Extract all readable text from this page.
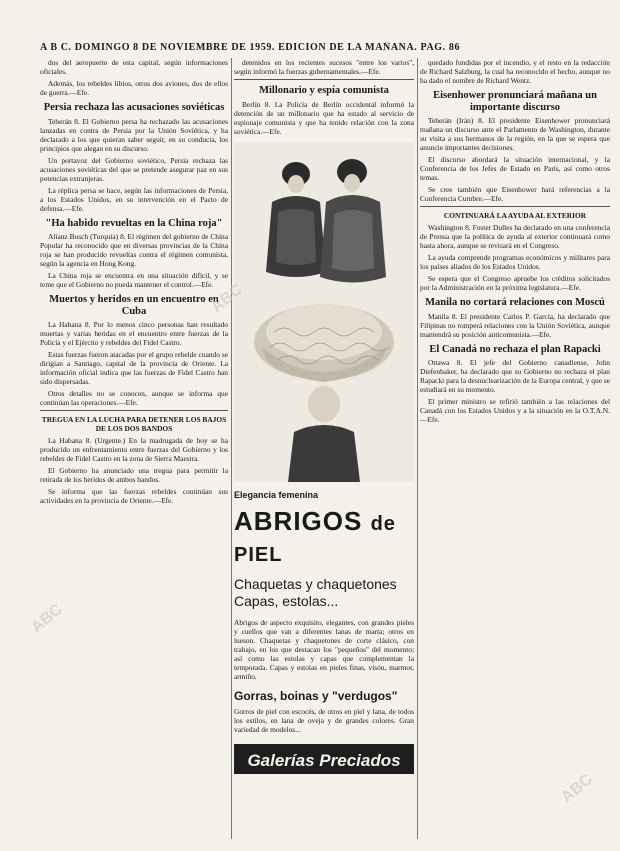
A B C. DOMINGO 8 DE NOVIEMBRE DE 1959. EDICION DE LA MAÑANA. PAG. 86

dos del aeropuerto de esta capital, según informaciones oficiales.

Además, los rebeldes libios, otros dos aviones, dos de ellos de guerra.—Efe.

Persia rechaza las acusaciones soviéticas

Teherán 8. El Gobierno persa ha rechazado las acusaciones lanzadas en contra de Persia por la Unión Soviética, y ha declarado a los que quieran saber seguir, en su conducta, los principios que alegan en su discurso.

Un portavoz del Gobierno soviético, Persia rechaza las acusaciones soviéticas del que se pretende asegurar paz en sus potencias extranjeras.

La réplica persa se hace, según las informaciones de Persia, a los Estados Unidos, en su intervención en el Pacto de defensa.—Efe.

"Ha habido revueltas en la China roja"

Alianz Bosch (Turquía) 8. El régimen del gobierno de China Popular ha reconocido que en diversas provincias de la China roja se han producido revueltas contra el régimen comunista, según la agencia en Hong Kong.

La China roja se encuentra en una situación difícil, y se teme que el Gobierno no pueda mantener el control.—Efe.

Muertos y heridos en un encuentro en Cuba

La Habana 8. Por lo menos cinco personas han resultado muertas y varias heridas en el encuentro entre fuerzas de la Policía y el Ejército y rebeldes del Fidel Castro.

Estas fuerzas fueron atacadas por el grupo rebelde cuando se dirigían a Santiago, capital de la provincia de Oriente. La información oficial indica que las fuerzas de Fidel Castro han sido dispersadas.

Otros detalles no se conocen, aunque se informa que continúan las operaciones.—Efe.

TREGUA EN LA LUCHA PARA DETENER LOS BAJOS DE LOS DOS BANDOS

La Habana 8. (Urgente.) En la madrugada de hoy se ha producido un enfrentamiento entre fuerzas del Gobierno y los rebeldes de Fidel Castro en la zona de Sierra Maestra.

El Gobierno ha anunciado una tregua para permitir la retirada de los heridos de ambos bandos.

Se informa que las fuerzas rebeldes continúan sus actividades en la provincia de Oriente.—Efe.

detenidos en los recientes sucesos "entre los varios", según informó la fuerzas gubernamentales.—Efe.

Millonario y espía comunista

Berlín 8. La Policía de Berlín occidental informó la detención de un millonario que ha estado al servicio de espionaje comunista y que ha tenido relación con la zona soviética.—Efe.

Elegancia femenina
ABRIGOS de PIEL
Chaquetas y chaquetones Capas, estolas...
Abrigos de aspecto exquisito, elegantes, con grandes pieles y cuellos que van a diferentes lanas de marta; otros en lueson. Chaquetas y chaquetones de corte clásico, con trabajo, en los que destacan los "pequeños" del momento; así como las estolas y capas que complementan la temporada. Capas y estolas en pieles finas, visón, marmot, armiño.
Gorras, boinas y "verdugos"
Gorros de piel con escocés, de otros en piel y lana, de todos los estilos, en lana de oveja y de grandes colores. Gran variedad de modelos...
Galerías Preciados

quedado fundidas por el incendio, y el resto en la redacción de Richard Salzburg, la cual ha reconocido el hecho, aunque no ha dado el nombre de Richard Wentz.

Eisenhower pronunciará mañana un importante discurso

Teherán (Irán) 8. El presidente Eisenhower pronunciará mañana un discurso ante el Parlamento de Washington, durante su visita a sus hermanos de la región, en la que se espera que anuncie importantes decisiones.

El discurso abordará la situación internacional, y la Conferencia de los Jefes de Estado en París, así como otros temas.

Se cree también que Eisenhower hará referencias a la Conferencia Cumbre.—Efe.

CONTINUARÁ LA AYUDA AL EXTERIOR

Washington 8. Foster Dulles ha declarado en una conferencia de Prensa que la política de ayuda al exterior continuará como hasta ahora, aunque se revisará en el Congreso.

La ayuda comprende programas económicos y militares para los países aliados de los Estados Unidos.

Se espera que el Congreso apruebe los créditos solicitados por la Administración en la próxima legislatura.—Efe.

Manila no cortará relaciones con Moscú

Manila 8. El presidente Carlos P. García, ha declarado que Filipinas no romperá relaciones con la Unión Soviética, aunque mantendrá su posición anticomunista.—Efe.

El Canadá no rechaza el plan Rapacki

Ottawa 8. El jefe del Gobierno canadiense, John Diefenbaker, ha declarado que su Gobierno no rechaza el plan Rapacki para la desnuclearización de la Europa central, y que se estudiará en su momento.

El primer ministro se refirió también a las relaciones del Canadá con los Estados Unidos y a la situación en la O.T.A.N.—Efe.

ABC
ABC
ABC
